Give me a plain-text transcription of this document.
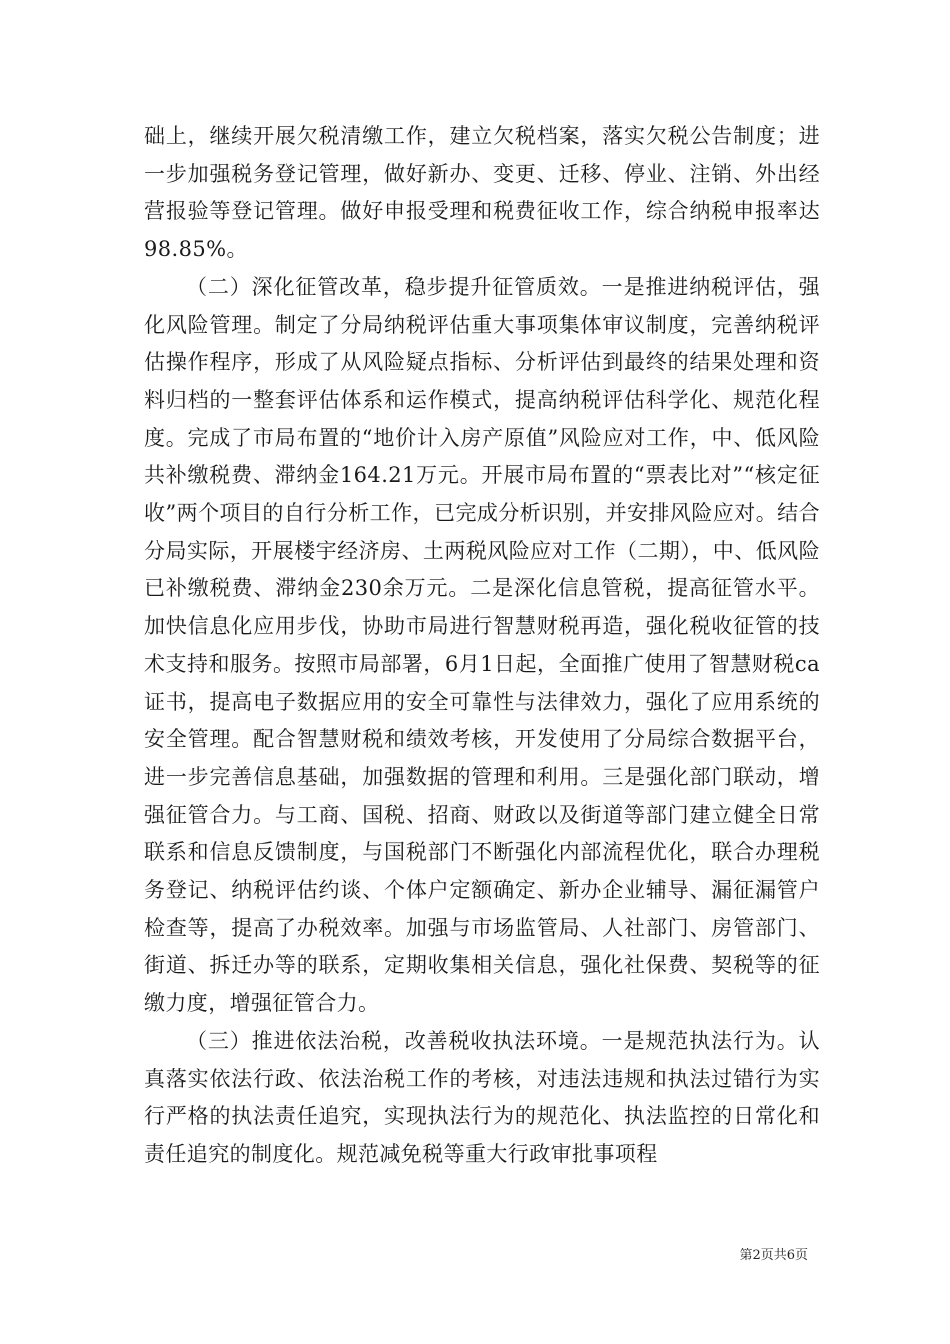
础上，继续开展欠税清缴工作，建立欠税档案，落实欠税公告制度；进一步加强税务登记管理，做好新办、变更、迁移、停业、注销、外出经营报验等登记管理。做好申报受理和税费征收工作，综合纳税申报率达98.85%。

（二）深化征管改革，稳步提升征管质效。一是推进纳税评估，强化风险管理。制定了分局纳税评估重大事项集体审议制度，完善纳税评估操作程序，形成了从风险疑点指标、分析评估到最终的结果处理和资料归档的一整套评估体系和运作模式，提高纳税评估科学化、规范化程度。完成了市局布置的“地价计入房产原值”风险应对工作，中、低风险共补缴税费、滞纳金164.21万元。开展市局布置的“票表比对”“核定征收”两个项目的自行分析工作，已完成分析识别，并安排风险应对。结合分局实际，开展楼宇经济房、土两税风险应对工作（二期），中、低风险已补缴税费、滞纳金230余万元。二是深化信息管税，提高征管水平。加快信息化应用步伐，协助市局进行智慧财税再造，强化税收征管的技术支持和服务。按照市局部署，6月1日起，全面推广使用了智慧财税ca证书，提高电子数据应用的安全可靠性与法律效力，强化了应用系统的安全管理。配合智慧财税和绩效考核，开发使用了分局综合数据平台，进一步完善信息基础，加强数据的管理和利用。三是强化部门联动，增强征管合力。与工商、国税、招商、财政以及街道等部门建立健全日常联系和信息反馈制度，与国税部门不断强化内部流程优化，联合办理税务登记、纳税评估约谈、个体户定额确定、新办企业辅导、漏征漏管户检查等，提高了办税效率。加强与市场监管局、人社部门、房管部门、街道、拆迁办等的联系，定期收集相关信息，强化社保费、契税等的征缴力度，增强征管合力。

（三）推进依法治税，改善税收执法环境。一是规范执法行为。认真落实依法行政、依法治税工作的考核，对违法违规和执法过错行为实行严格的执法责任追究，实现执法行为的规范化、执法监控的日常化和责任追究的制度化。规范减免税等重大行政审批事项程

第2页共6页
